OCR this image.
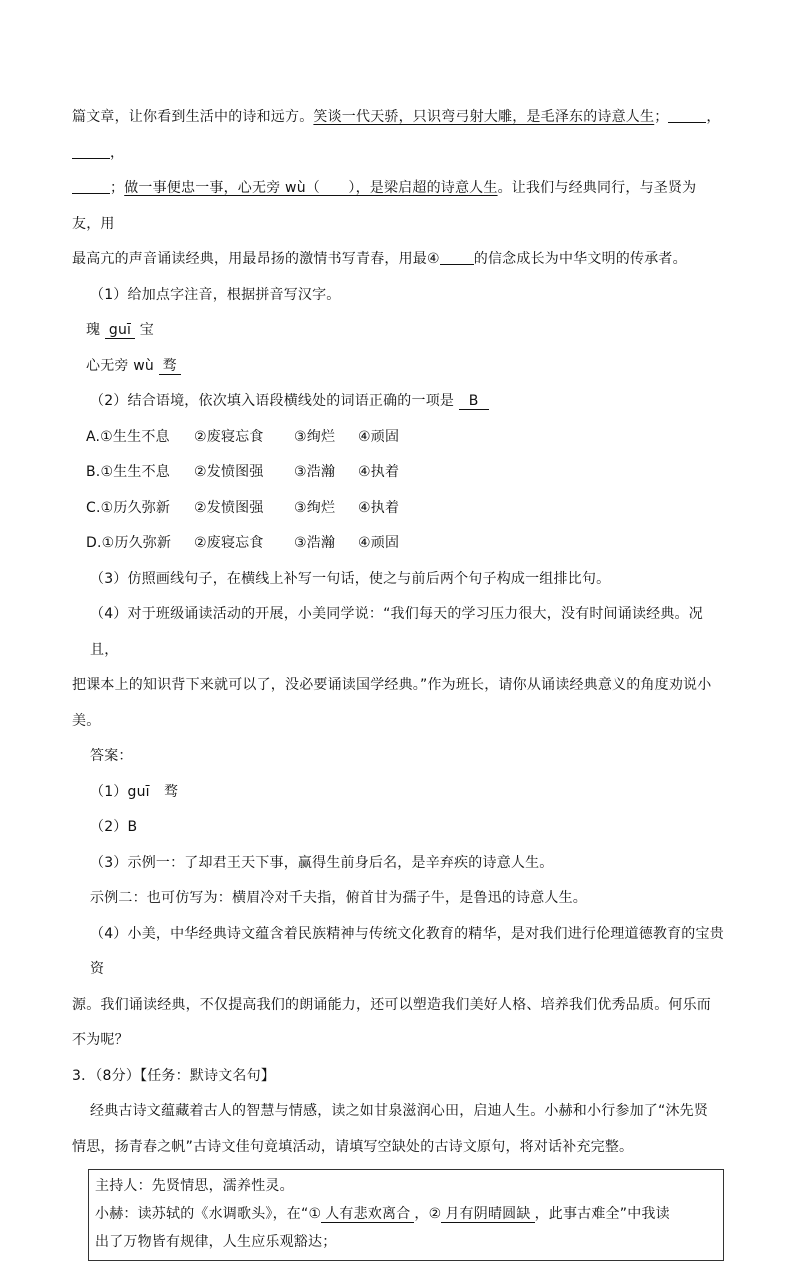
篇文章，让你看到生活中的诗和远方。笑谈一代天骄，只识弯弓射大雕，是毛泽东的诗意人生；	，，

；做一事便忠一事，心无旁 wù（　　），是梁启超的诗意人生。让我们与经典同行，与圣贤为友，用

最高亢的声音诵读经典，用最昂扬的激情书写青春，用最④ 的信念成长为中华文明的传承者。

（1）给加点字注音，根据拼音写汉字。

瑰 guī 宝

心无旁 wù 骛

（2）结合语境，依次填入语段横线处的词语正确的一项是 B

A.①生生不息 ②废寝忘食 ③绚烂 ④顽固

B.①生生不息 ②发愤图强 ③浩瀚 ④执着

C.①历久弥新 ②发愤图强 ③绚烂 ④执着

D.①历久弥新 ②废寝忘食 ③浩瀚 ④顽固

（3）仿照画线句子，在横线上补写一句话，使之与前后两个句子构成一组排比句。

（4）对于班级诵读活动的开展，小美同学说：“我们每天的学习压力很大，没有时间诵读经典。况且，

把课本上的知识背下来就可以了，没必要诵读国学经典。”作为班长，请你从诵读经典意义的角度劝说小

美。

答案：

（1）guī　骛

（2）B

（3）示例一：了却君王天下事，赢得生前身后名，是辛弃疾的诗意人生。

示例二：也可仿写为：横眉冷对千夫指，俯首甘为孺子牛，是鲁迅的诗意人生。

（4）小美，中华经典诗文蕴含着民族精神与传统文化教育的精华，是对我们进行伦理道德教育的宝贵资

源。我们诵读经典，不仅提高我们的朗诵能力，还可以塑造我们美好人格、培养我们优秀品质。何乐而

不为呢？

3．（8分）【任务：默诗文名句】

经典古诗文蕴藏着古人的智慧与情感，读之如甘泉滋润心田，启迪人生。小赫和小行参加了“沐先贤

情思，扬青春之帆”古诗文佳句竟填活动，请填写空缺处的古诗文原句，将对话补充完整。

主持人：先贤情思，濡养性灵。

小赫：读苏轼的《水调歌头》，在“① 人有悲欢离合 ，② 月有阴晴圆缺 ，此事古难全”中我读

出了万物皆有规律，人生应乐观豁达；
